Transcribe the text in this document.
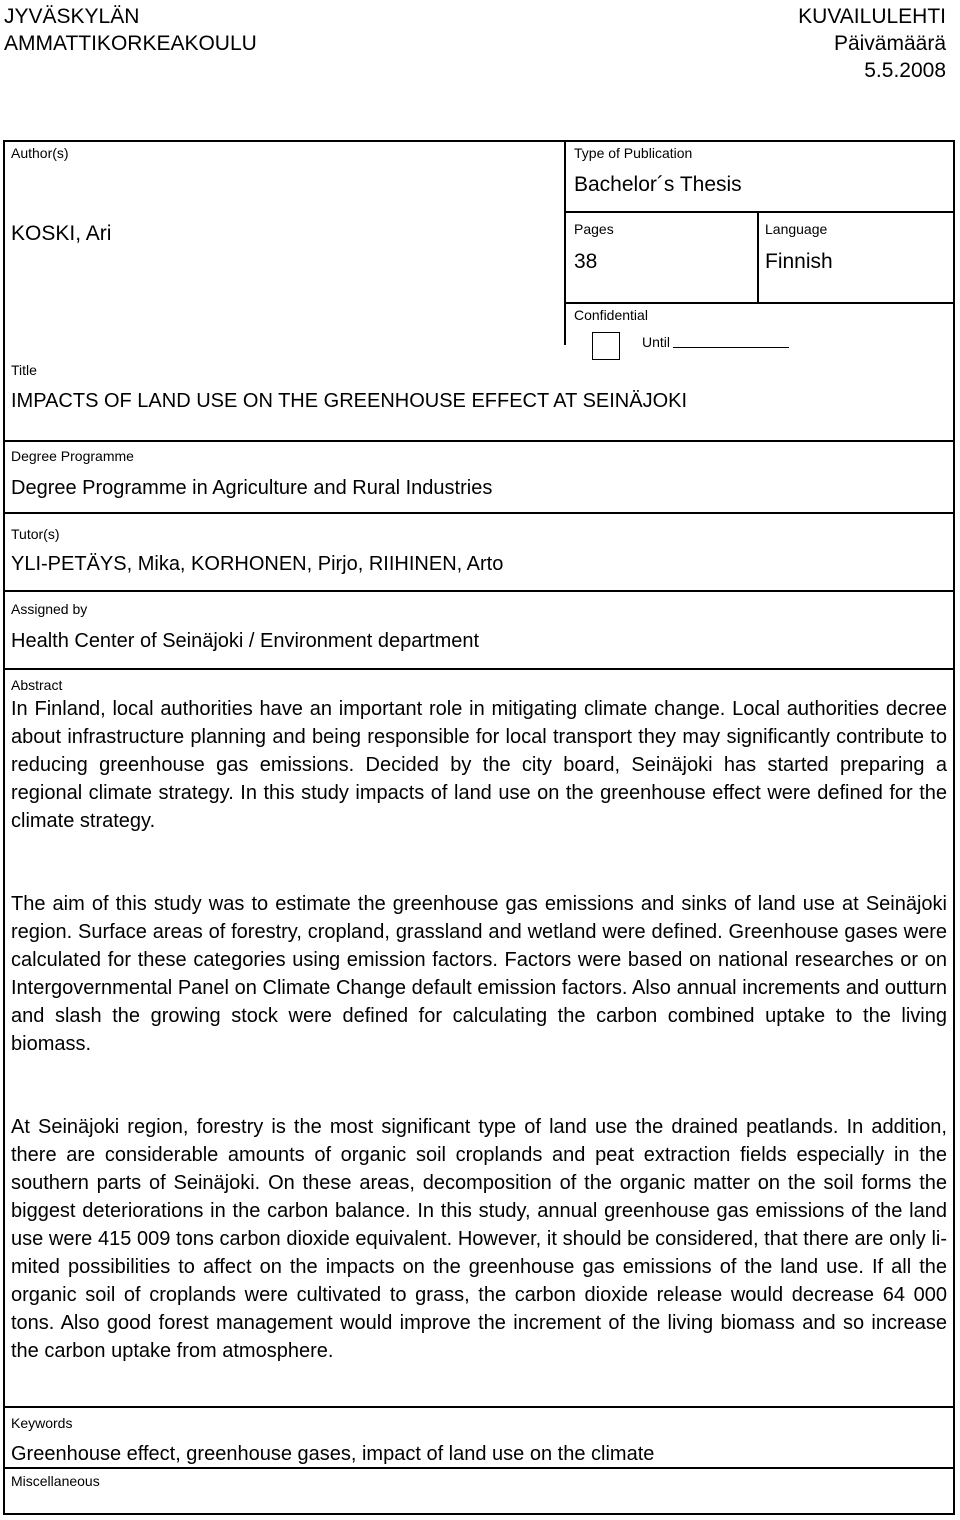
JYVÄSKYLÄN
AMMATTIKORKEAKOULU
KUVAILULEHTI
Päivämäärä
5.5.2008
Author(s)
KOSKI, Ari
Type of Publication
Bachelor´s Thesis
Pages
38
Language
Finnish
Confidential
Until
Title
IMPACTS OF LAND USE ON THE GREENHOUSE EFFECT AT SEINÄJOKI
Degree Programme
Degree Programme in Agriculture and Rural Industries
Tutor(s)
YLI-PETÄYS, Mika, KORHONEN, Pirjo, RIIHINEN, Arto
Assigned by
Health Center of Seinäjoki / Environment department
Abstract

In Finland, local authorities have an important role in mitigating climate change. Local authorities decree about infrastructure planning and being responsible for local transport they may significantly contribute to reducing greenhouse gas emissions. Decided by the city board, Seinäjoki has started preparing a regional climate strategy. In this study impacts of land use on the greenhouse effect were defined for the climate strategy.

The aim of this study was to estimate the greenhouse gas emissions and sinks of land use at Seinäjoki region. Surface areas of forestry, cropland, grassland and wetland were defined. Greenhouse gases were calculated for these categories using emission factors. Factors were based on national researches or on Intergovernmental Panel on Climate Change default emission factors. Also annual increments and outturn and slash the growing stock were defined for calculating the carbon combined uptake to the living biomass.

At Seinäjoki region, forestry is the most significant type of land use the drained peatlands. In addition, there are considerable amounts of organic soil croplands and peat extraction fields especially in the southern parts of Seinäjoki. On these areas, decomposition of the organic matter on the soil forms the biggest deteriorations in the carbon balance. In this study, annual greenhouse gas emissions of the land use were 415 009 tons carbon dioxide equivalent. However, it should be considered, that there are only limited possibilities to affect on the impacts on the greenhouse gas emissions of the land use. If all the organic soil of croplands were cultivated to grass, the carbon dioxide release would decrease 64 000 tons. Also good forest management would improve the increment of the living biomass and so increase the carbon uptake from atmosphere.

Keywords
Greenhouse effect, greenhouse gases, impact of land use on the climate
Miscellaneous
